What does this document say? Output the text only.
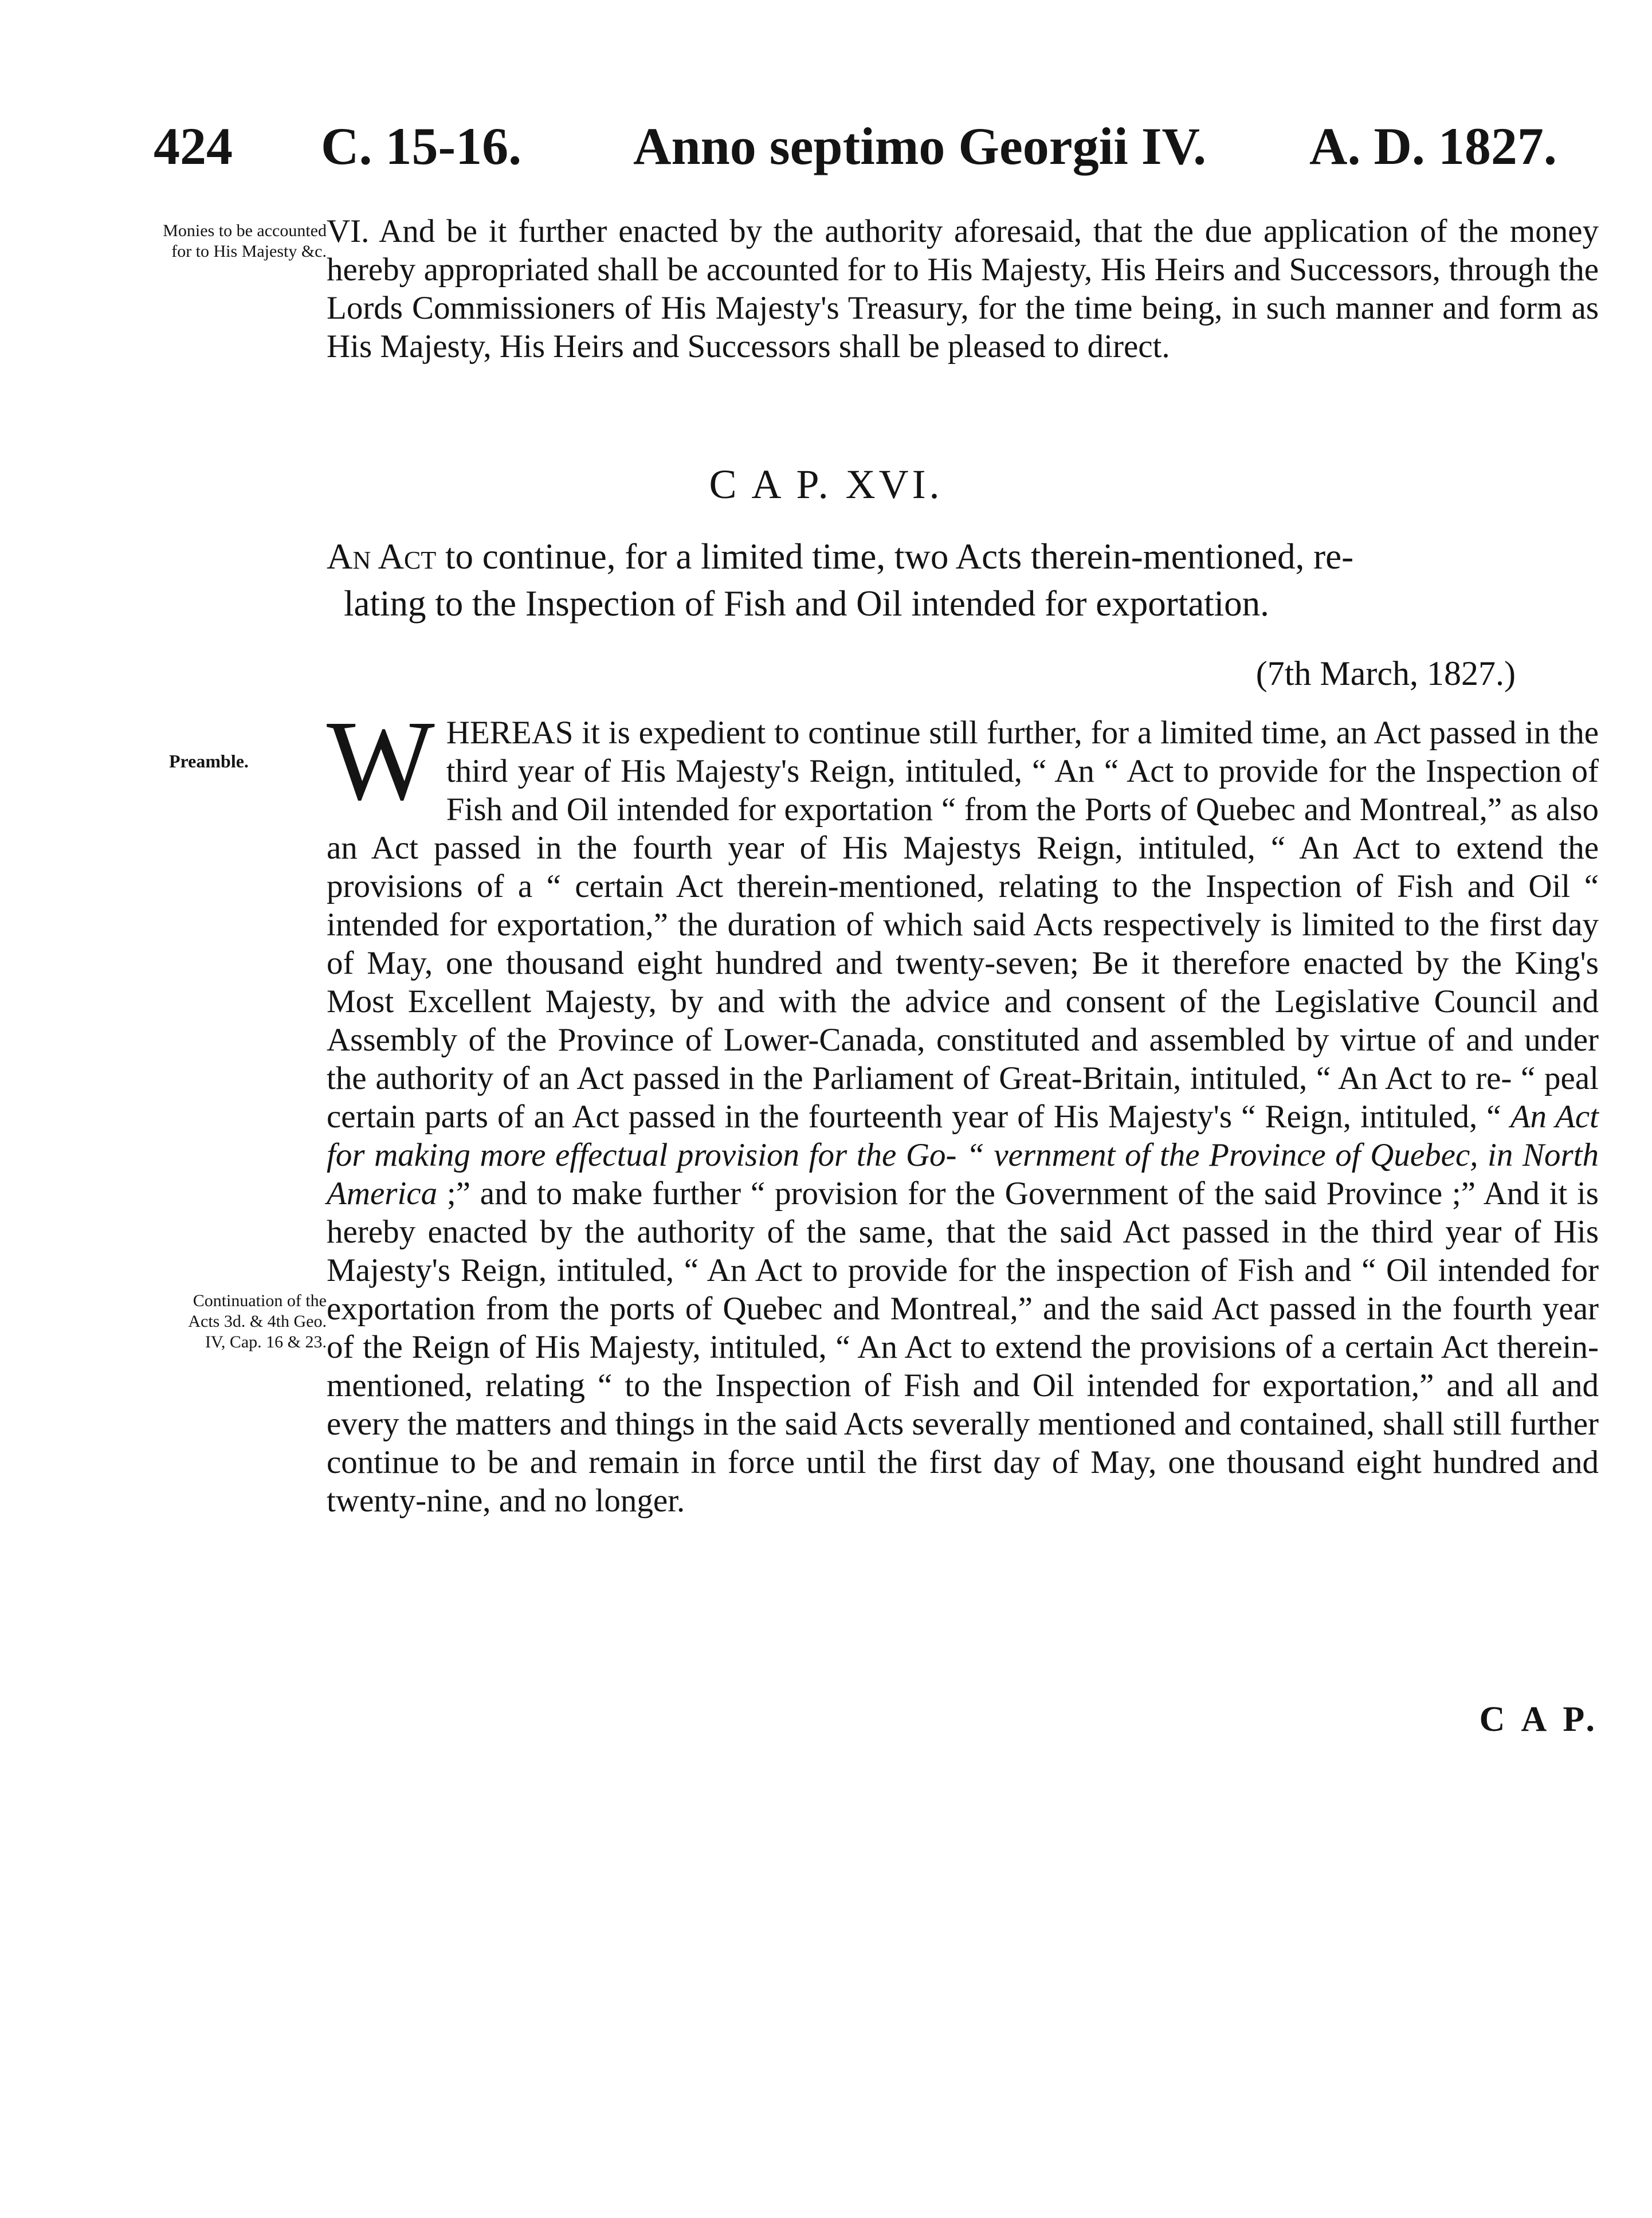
424 C. 15-16. Anno septimo Georgii IV. A. D. 1827.
Monies to be accounted for to His Majesty &c.
VI. And be it further enacted by the authority aforesaid, that the due application of the money hereby appropriated shall be accounted for to His Majesty, His Heirs and Successors, through the Lords Commissioners of His Majesty's Treasury, for the time being, in such manner and form as His Majesty, His Heirs and Successors shall be pleased to direct.
C A P. XVI.
An Act to continue, for a limited time, two Acts therein-mentioned, re-
lating to the Inspection of Fish and Oil intended for exportation.
(7th March, 1827.)
Preamble. WHEREAS it is expedient to continue still further, for a limited time, an Act passed in the third year of His Majesty's Reign, intituled, “ An “ Act to provide for the Inspection of Fish and Oil intended for exportation “ from the Ports of Quebec and Montreal,” as also an Act passed in the fourth year of His Majestys Reign, intituled, “ An Act to extend the provisions of a “ certain Act therein-mentioned, relating to the Inspection of Fish and Oil “ intended for exportation,” the duration of which said Acts respectively is limited to the first day of May, one thousand eight hundred and twenty-seven; Be it therefore enacted by the King's Most Excellent Majesty, by and with the advice and consent of the Legislative Council and Assembly of the Province of Lower-Canada, constituted and assembled by virtue of and under the authority of an Act passed in the Parliament of Great-Britain, intituled, “ An Act to re- “ peal certain parts of an Act passed in the fourteenth year of His Majesty's “ Reign, intituled, “ An Act for making more effectual provision for the Go- “ vernment of the Province of Quebec, in North America ;” and to make further “ provision for the Government of the said Province ;” And it is hereby enacted by the authority of the same, that the said Act passed in the third year of His Majesty's Reign, intituled, “ An Act to provide for the inspection of Fish and “ Oil intended for exportation from the ports of Quebec and Montreal,” and the said Act passed in the fourth year of the Reign of His Majesty, intituled, “ An Act to extend the provisions of a certain Act therein-mentioned, relating “ to the Inspection of Fish and Oil intended for exportation,” and all and every the matters and things in the said Acts severally mentioned and contained, shall still further continue to be and remain in force until the first day of May, one thousand eight hundred and twenty-nine, and no longer.
Continuation of the Acts 3d. & 4th Geo. IV, Cap. 16 & 23.
C A P.
